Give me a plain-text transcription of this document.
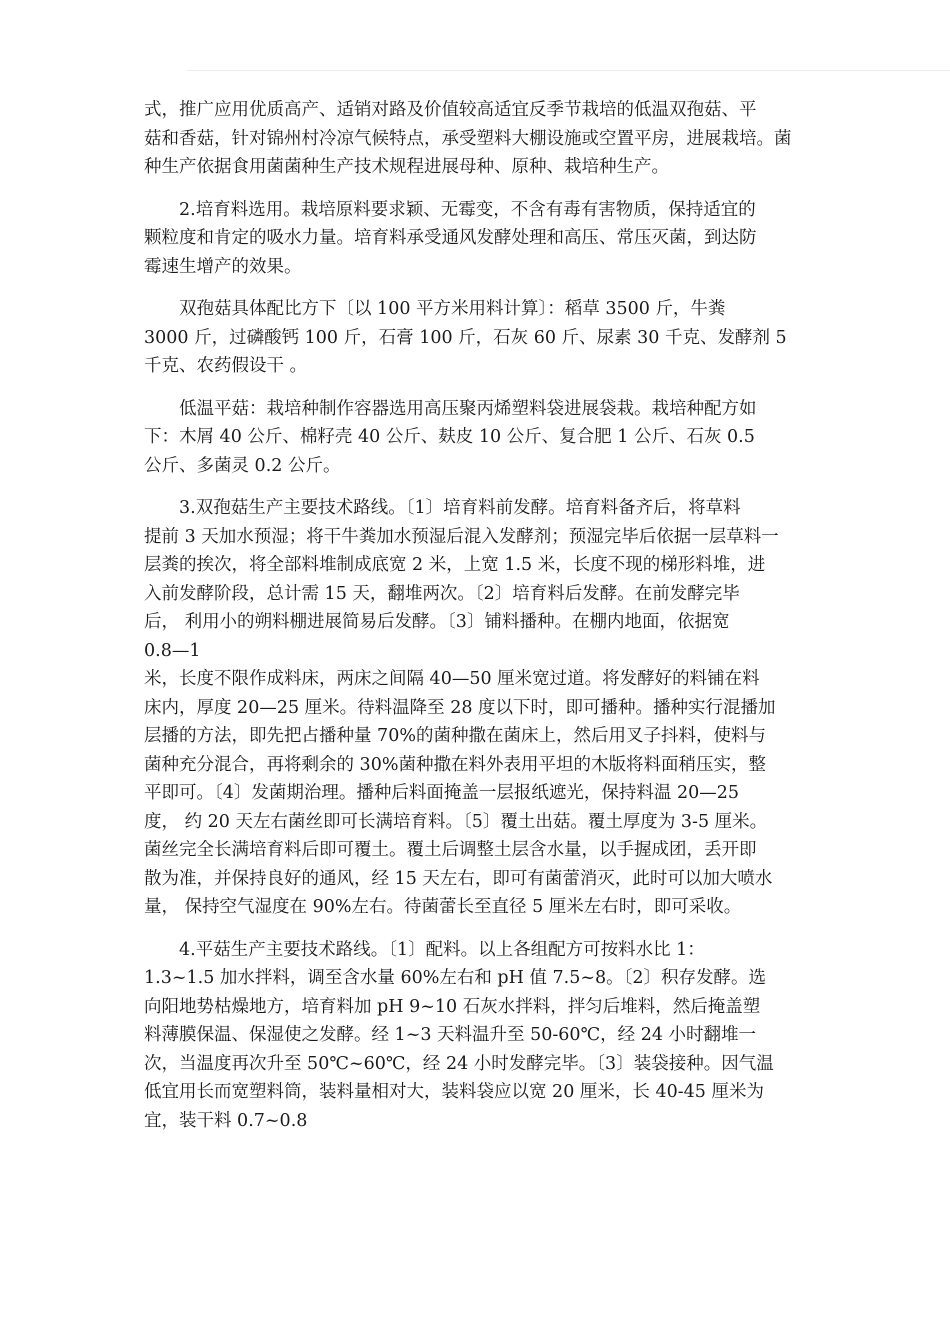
式，推广应用优质高产、适销对路及价值较高适宜反季节栽培的低温双孢菇、平
菇和香菇，针对锦州村冷凉气候特点，承受塑料大棚设施或空置平房，进展栽培。菌
种生产依据食用菌菌种生产技术规程进展母种、原种、栽培种生产。

2.培育料选用。栽培原料要求颖、无霉变，不含有毒有害物质，保持适宜的
颗粒度和肯定的吸水力量。培育料承受通风发酵处理和高压、常压灭菌，到达防
霉速生增产的效果。

双孢菇具体配比方下〔以 100 平方米用料计算〕：稻草 3500 斤，牛粪
3000 斤，过磷酸钙 100 斤，石膏 100 斤，石灰 60 斤、尿素 30 千克、发酵剂 5
千克、农药假设干 。

低温平菇：栽培种制作容器选用高压聚丙烯塑料袋进展袋栽。栽培种配方如
下：木屑 40 公斤、棉籽壳 40 公斤、麸皮 10 公斤、复合肥 1 公斤、石灰 0.5
公斤、多菌灵 0.2 公斤。

3.双孢菇生产主要技术路线。〔1〕培育料前发酵。培育料备齐后，将草料
提前 3 天加水预湿；将干牛粪加水预湿后混入发酵剂；预湿完毕后依据一层草料一
层粪的挨次，将全部料堆制成底宽 2 米，上宽 1.5 米，长度不现的梯形料堆，进
入前发酵阶段，总计需 15 天，翻堆两次。〔2〕培育料后发酵。在前发酵完毕
后， 利用小的朔料棚进展简易后发酵。〔3〕铺料播种。在棚内地面，依据宽
0.8—1
米，长度不限作成料床，两床之间隔 40—50 厘米宽过道。将发酵好的料铺在料
床内，厚度 20—25 厘米。待料温降至 28 度以下时，即可播种。播种实行混播加
层播的方法，即先把占播种量 70%的菌种撒在菌床上，然后用叉子抖料，使料与
菌种充分混合，再将剩余的 30%菌种撒在料外表用平坦的木版将料面稍压实，整
平即可。〔4〕发菌期治理。播种后料面掩盖一层报纸遮光，保持料温 20—25
度， 约 20 天左右菌丝即可长满培育料。〔5〕覆土出菇。覆土厚度为 3-5 厘米。
菌丝完全长满培育料后即可覆土。覆土后调整土层含水量，以手握成团，丢开即
散为准，并保持良好的通风，经 15 天左右，即可有菌蕾消灭，此时可以加大喷水
量， 保持空气湿度在 90%左右。待菌蕾长至直径 5 厘米左右时，即可采收。

4.平菇生产主要技术路线。〔1〕配料。以上各组配方可按料水比 1：
1.3~1.5 加水拌料，调至含水量 60%左右和 pH 值 7.5~8。〔2〕积存发酵。选
向阳地势枯燥地方，培育料加 pH 9~10 石灰水拌料，拌匀后堆料，然后掩盖塑
料薄膜保温、保湿使之发酵。经 1~3 天料温升至 50-60℃，经 24 小时翻堆一
次，当温度再次升至 50℃~60℃，经 24 小时发酵完毕。〔3〕装袋接种。因气温
低宜用长而宽塑料筒，装料量相对大，装料袋应以宽 20 厘米，长 40-45 厘米为
宜，装干料 0.7~0.8
